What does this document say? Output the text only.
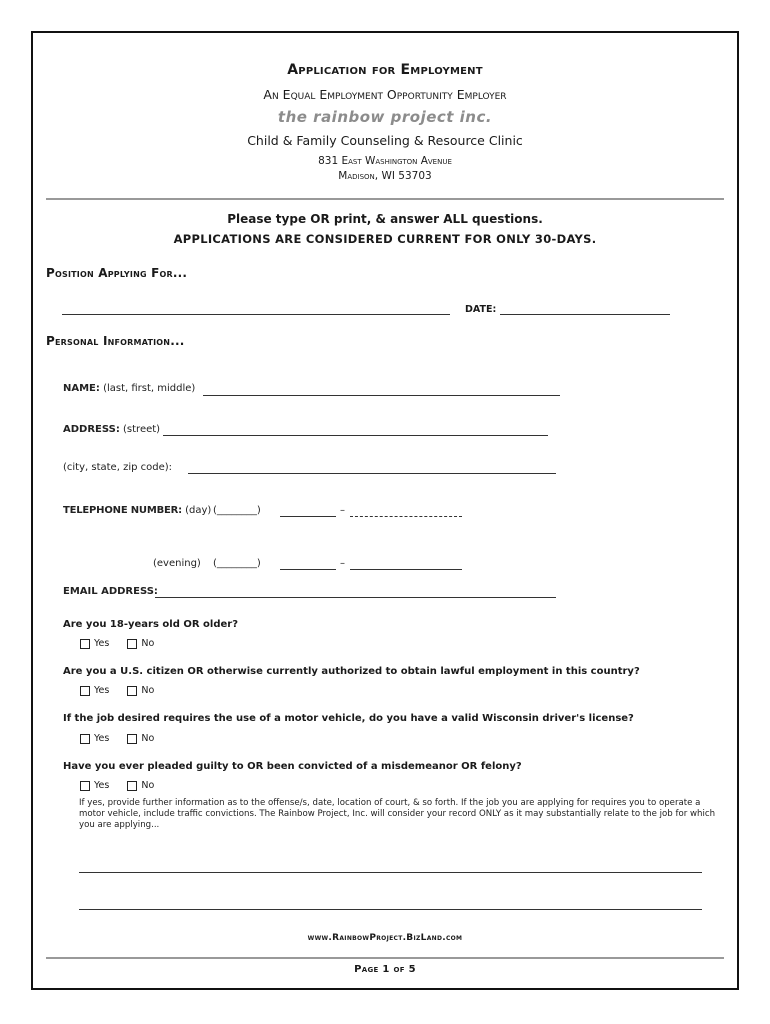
Application for Employment
An Equal Employment Opportunity Employer
the rainbow project inc.
Child & Family Counseling & Resource Clinic
831 East Washington Avenue
Madison, WI 53703
Please type OR print, & answer ALL questions.
APPLICATIONS ARE CONSIDERED CURRENT FOR ONLY 30-DAYS.
Position Applying For...
DATE:
Personal Information...
NAME: (last, first, middle)
ADDRESS: (street)
(city, state, zip code):
TELEPHONE NUMBER: (day) (________)	–
(evening) (________)	–
EMAIL ADDRESS:
Are you 18-years old OR older?
Yes	No
Are you a U.S. citizen OR otherwise currently authorized to obtain lawful employment in this country?
Yes	No
If the job desired requires the use of a motor vehicle, do you have a valid Wisconsin driver's license?
Yes	No
Have you ever pleaded guilty to OR been convicted of a misdemeanor OR felony?
Yes	No
If yes, provide further information as to the offense/s, date, location of court, & so forth. If the job you are applying for requires you to operate a motor vehicle, include traffic convictions. The Rainbow Project, Inc. will consider your record ONLY as it may substantially relate to the job for which you are applying...
www.RainbowProject.BizLand.com
Page 1 of 5
